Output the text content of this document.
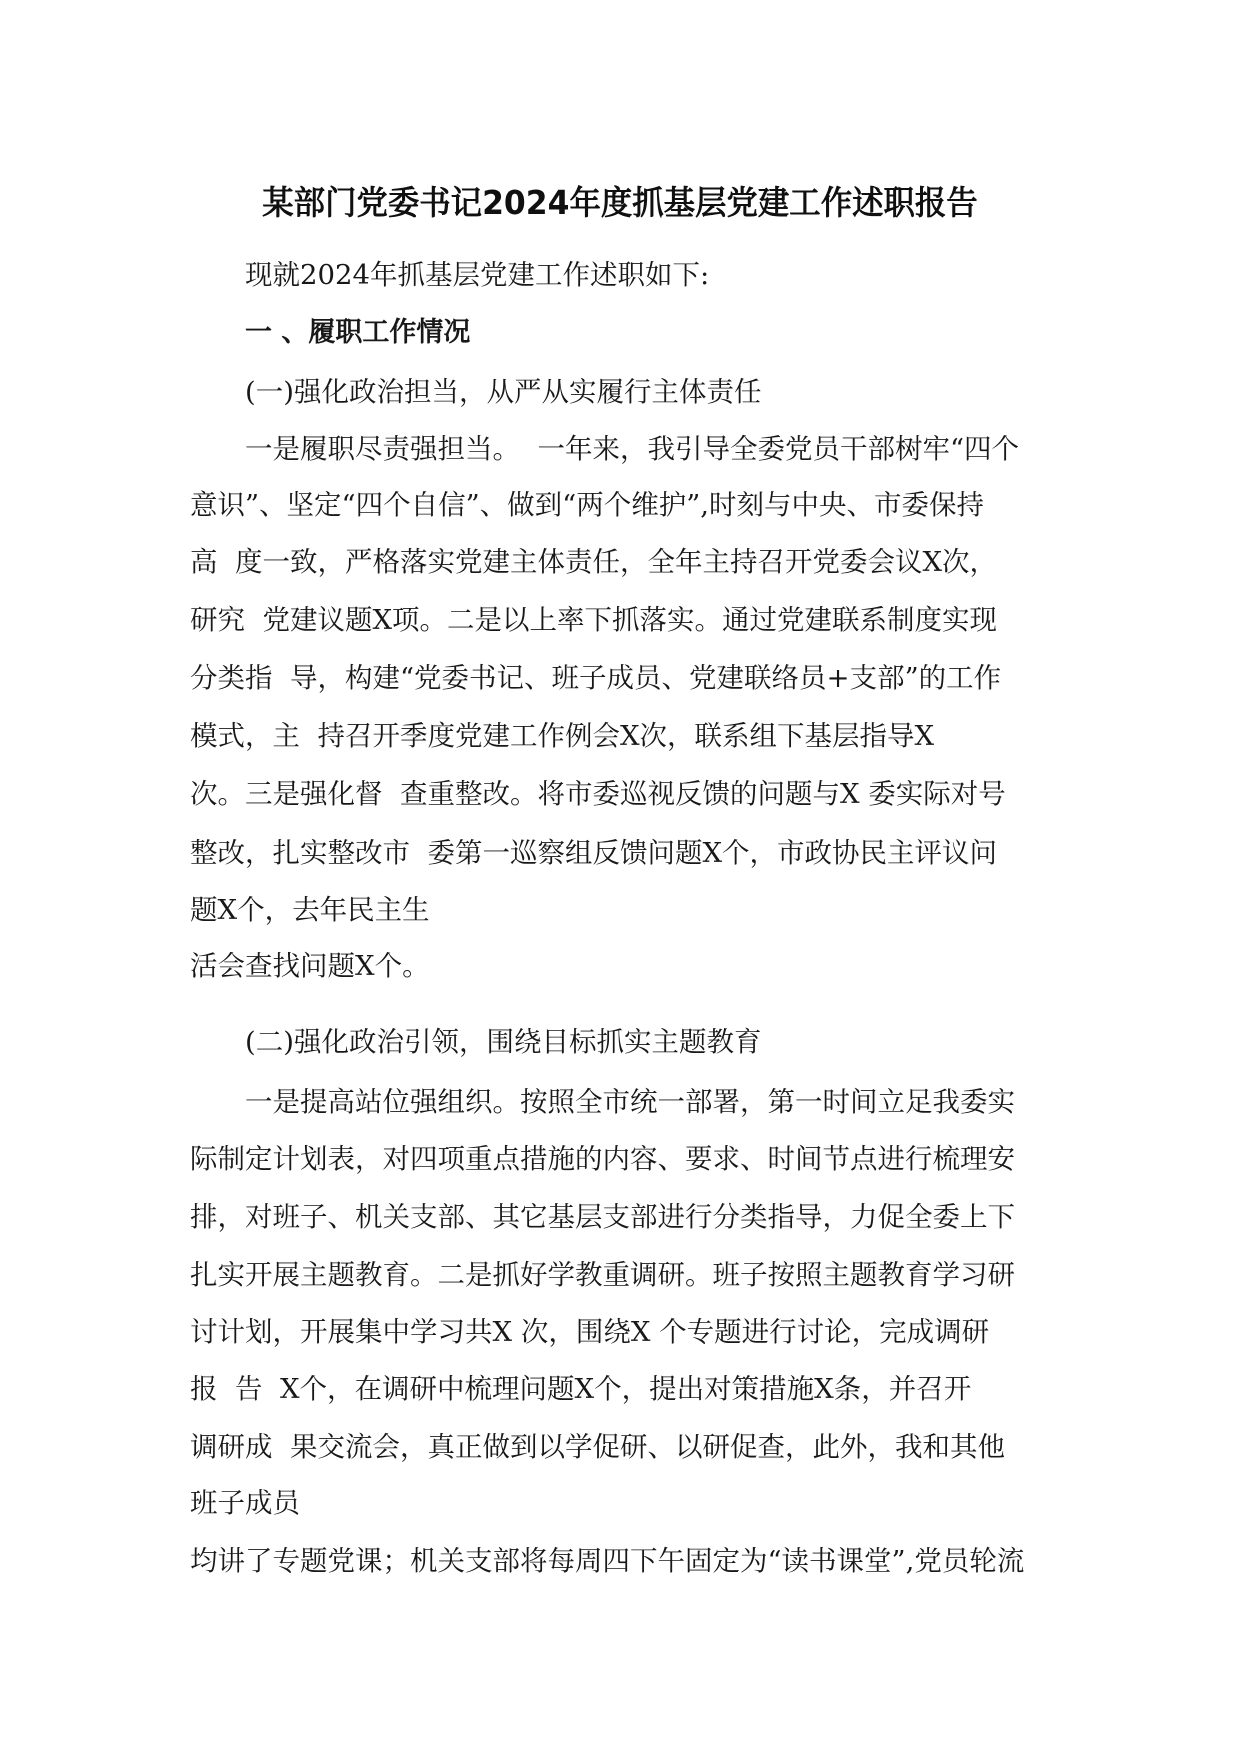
某部门党委书记2024年度抓基层党建工作述职报告
现就2024年抓基层党建工作述职如下:
一 、履职工作情况
(一)强化政治担当，从严从实履行主体责任
一是履职尽责强担当。  一年来，我引导全委党员干部树牢“四个
意识”、坚定“四个自信”、做到“两个维护”,时刻与中央、市委保持
高  度一致，严格落实党建主体责任，全年主持召开党委会议X次，
研究  党建议题X项。二是以上率下抓落实。通过党建联系制度实现
分类指  导，构建“党委书记、班子成员、党建联络员+支部”的工作
模式，主  持召开季度党建工作例会X次，联系组下基层指导X
次。三是强化督  查重整改。将市委巡视反馈的问题与X 委实际对号
整改，扎实整改市  委第一巡察组反馈问题X个，市政协民主评议问
题X个，去年民主生
活会查找问题X个。
(二)强化政治引领，围绕目标抓实主题教育
一是提高站位强组织。按照全市统一部署，第一时间立足我委实
际制定计划表，对四项重点措施的内容、要求、时间节点进行梳理安
排，对班子、机关支部、其它基层支部进行分类指导，力促全委上下
扎实开展主题教育。二是抓好学教重调研。班子按照主题教育学习研
讨计划，开展集中学习共X 次，围绕X 个专题进行讨论，完成调研
报  告  X个，在调研中梳理问题X个，提出对策措施X条，并召开
调研成  果交流会，真正做到以学促研、以研促查，此外，我和其他
班子成员
均讲了专题党课；机关支部将每周四下午固定为“读书课堂”,党员轮流
